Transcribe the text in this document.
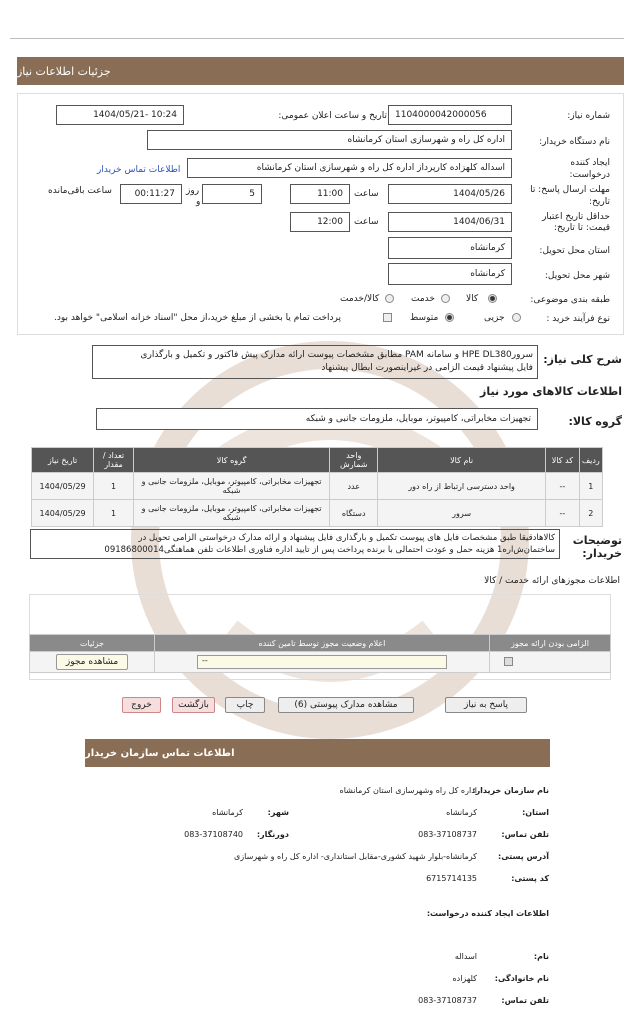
جزئیات اطلاعات نیاز
شماره نیاز:
1104000042000056
تاریخ و ساعت اعلان عمومی:
1404/05/21- 10:24
نام دستگاه خریدار:
اداره کل راه و شهرسازی استان کرمانشاه
ایجاد کننده
درخواست:
اسداله کلهزاده کارپرداز اداره کل راه و شهرسازی استان کرمانشاه
اطلاعات تماس خریدار
مهلت ارسال پاسخ: تا
تاریخ:
1404/05/26
ساعت
11:00
5
روز
و
00:11:27
ساعت باقی‌مانده
حداقل تاریخ اعتبار
قیمت: تا تاریخ:
1404/06/31
ساعت
12:00
استان محل تحویل:
کرمانشاه
شهر محل تحویل:
کرمانشاه
طبقه بندی موضوعی:
کالا
خدمت
کالا/خدمت
نوع فرآیند خرید :
جزیی
متوسط
پرداخت تمام یا بخشی از مبلغ خرید،از محل "اسناد خزانه اسلامی" خواهد بود.
شرح کلی نیاز:
سرورHPE DL380 و سامانه PAM مطابق مشخصات پیوست ارائه مدارک پیش فاکتور و تکمیل و بارگذاری
فایل پیشنهاد قیمت الزامی در غیراینصورت ابطال پیشنهاد
اطلاعات کالاهای مورد نیاز
گروه کالا:
تجهیزات مخابراتی، کامپیوتر، موبایل، ملزومات جانبی و شبکه
ردیف	کد کالا	نام کالا	واحد شمارش	گروه کالا	تعداد / مقدار	تاریخ نیاز
1	--	واحد دسترسی ارتباط از راه دور	عدد	تجهیزات مخابراتی، کامپیوتر، موبایل، ملزومات جانبی و شبکه	1	1404/05/29
2	--	سرور	دستگاه	تجهیزات مخابراتی، کامپیوتر، موبایل، ملزومات جانبی و شبکه	1	1404/05/29
توضیحات
خریدار:
کالاهادقیقا طبق مشخصات فایل های پیوست تکمیل و بارگذاری فایل پیشنهاد و ارائه مدارک درخواستی الزامی تحویل در
ساختمان‌ش‌اره1 هزینه حمل و عودت احتمالی با برنده پرداخت پس از تایید اداره فناوری اطلاعات تلفن هماهنگی09186800014
اطلاعات مجوزهای ارائه خدمت / کالا
الزامی بودن ارائه مجوز	اعلام وضعیت مجوز توسط تامین کننده	جزئیات

	--	مشاهده مجوز
پاسخ به نیاز
مشاهده مدارک پیوستی (6)
چاپ
بازگشت
خروج
اطلاعات تماس سازمان خریدار
نام سازمان خریدار:
اداره کل راه وشهرسازی استان کرمانشاه
استان:
کرمانشاه
شهر:
کرمانشاه
تلفن تماس:
083-37108737
دورنگار:
083-37108740
آدرس پستی:
کرمانشاه-بلوار شهید کشوری-مقابل استانداری- اداره کل راه و شهرسازی
کد پستی:
6715714135
اطلاعات ایجاد کننده درخواست:
نام:
اسداله
نام خانوادگی:
کلهزاده
تلفن تماس:
083-37108737
